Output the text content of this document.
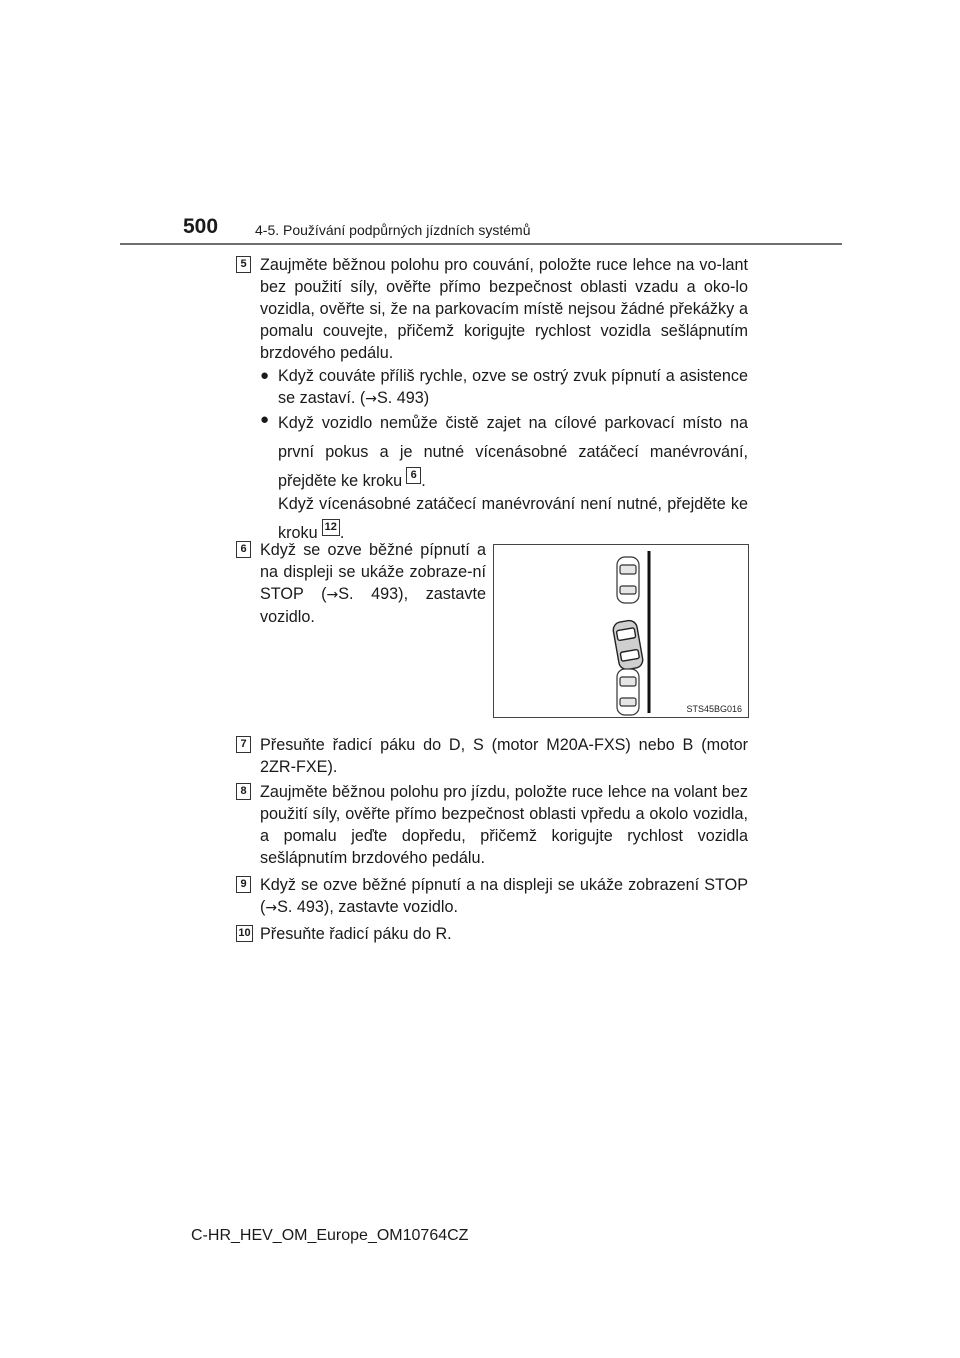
500	4-5. Používání podpůrných jízdních systémů
5 Zaujměte běžnou polohu pro couvání, položte ruce lehce na vo-lant bez použití síly, ověřte přímo bezpečnost oblasti vzadu a oko-lo vozidla, ověřte si, že na parkovacím místě nejsou žádné překážky a pomalu couvejte, přičemž korigujte rychlost vozidla sešlápnutím brzdového pedálu.
● Když couváte příliš rychle, ozve se ostrý zvuk pípnutí a asistence se zastaví. (→S. 493)
● Když vozidlo nemůže čistě zajet na cílové parkovací místo na první pokus a je nutné vícenásobné zatáčecí manévrování, přejděte ke kroku 6 .
Když vícenásobné zatáčecí manévrování není nutné, přejděte ke kroku 12 .
6 Když se ozve běžné pípnutí a na displeji se ukáže zobraze-ní STOP (→S. 493), zastavte vozidlo.
STS45BG016
7 Přesuňte řadicí páku do D, S (motor M20A-FXS) nebo B (motor 2ZR-FXE).
8 Zaujměte běžnou polohu pro jízdu, položte ruce lehce na volant bez použití síly, ověřte přímo bezpečnost oblasti vpředu a okolo vozidla, a pomalu jeďte dopředu, přičemž korigujte rychlost vozidla sešlápnutím brzdového pedálu.
9 Když se ozve běžné pípnutí a na displeji se ukáže zobrazení STOP (→S. 493), zastavte vozidlo.
10 Přesuňte řadicí páku do R.
C-HR_HEV_OM_Europe_OM10764CZ
